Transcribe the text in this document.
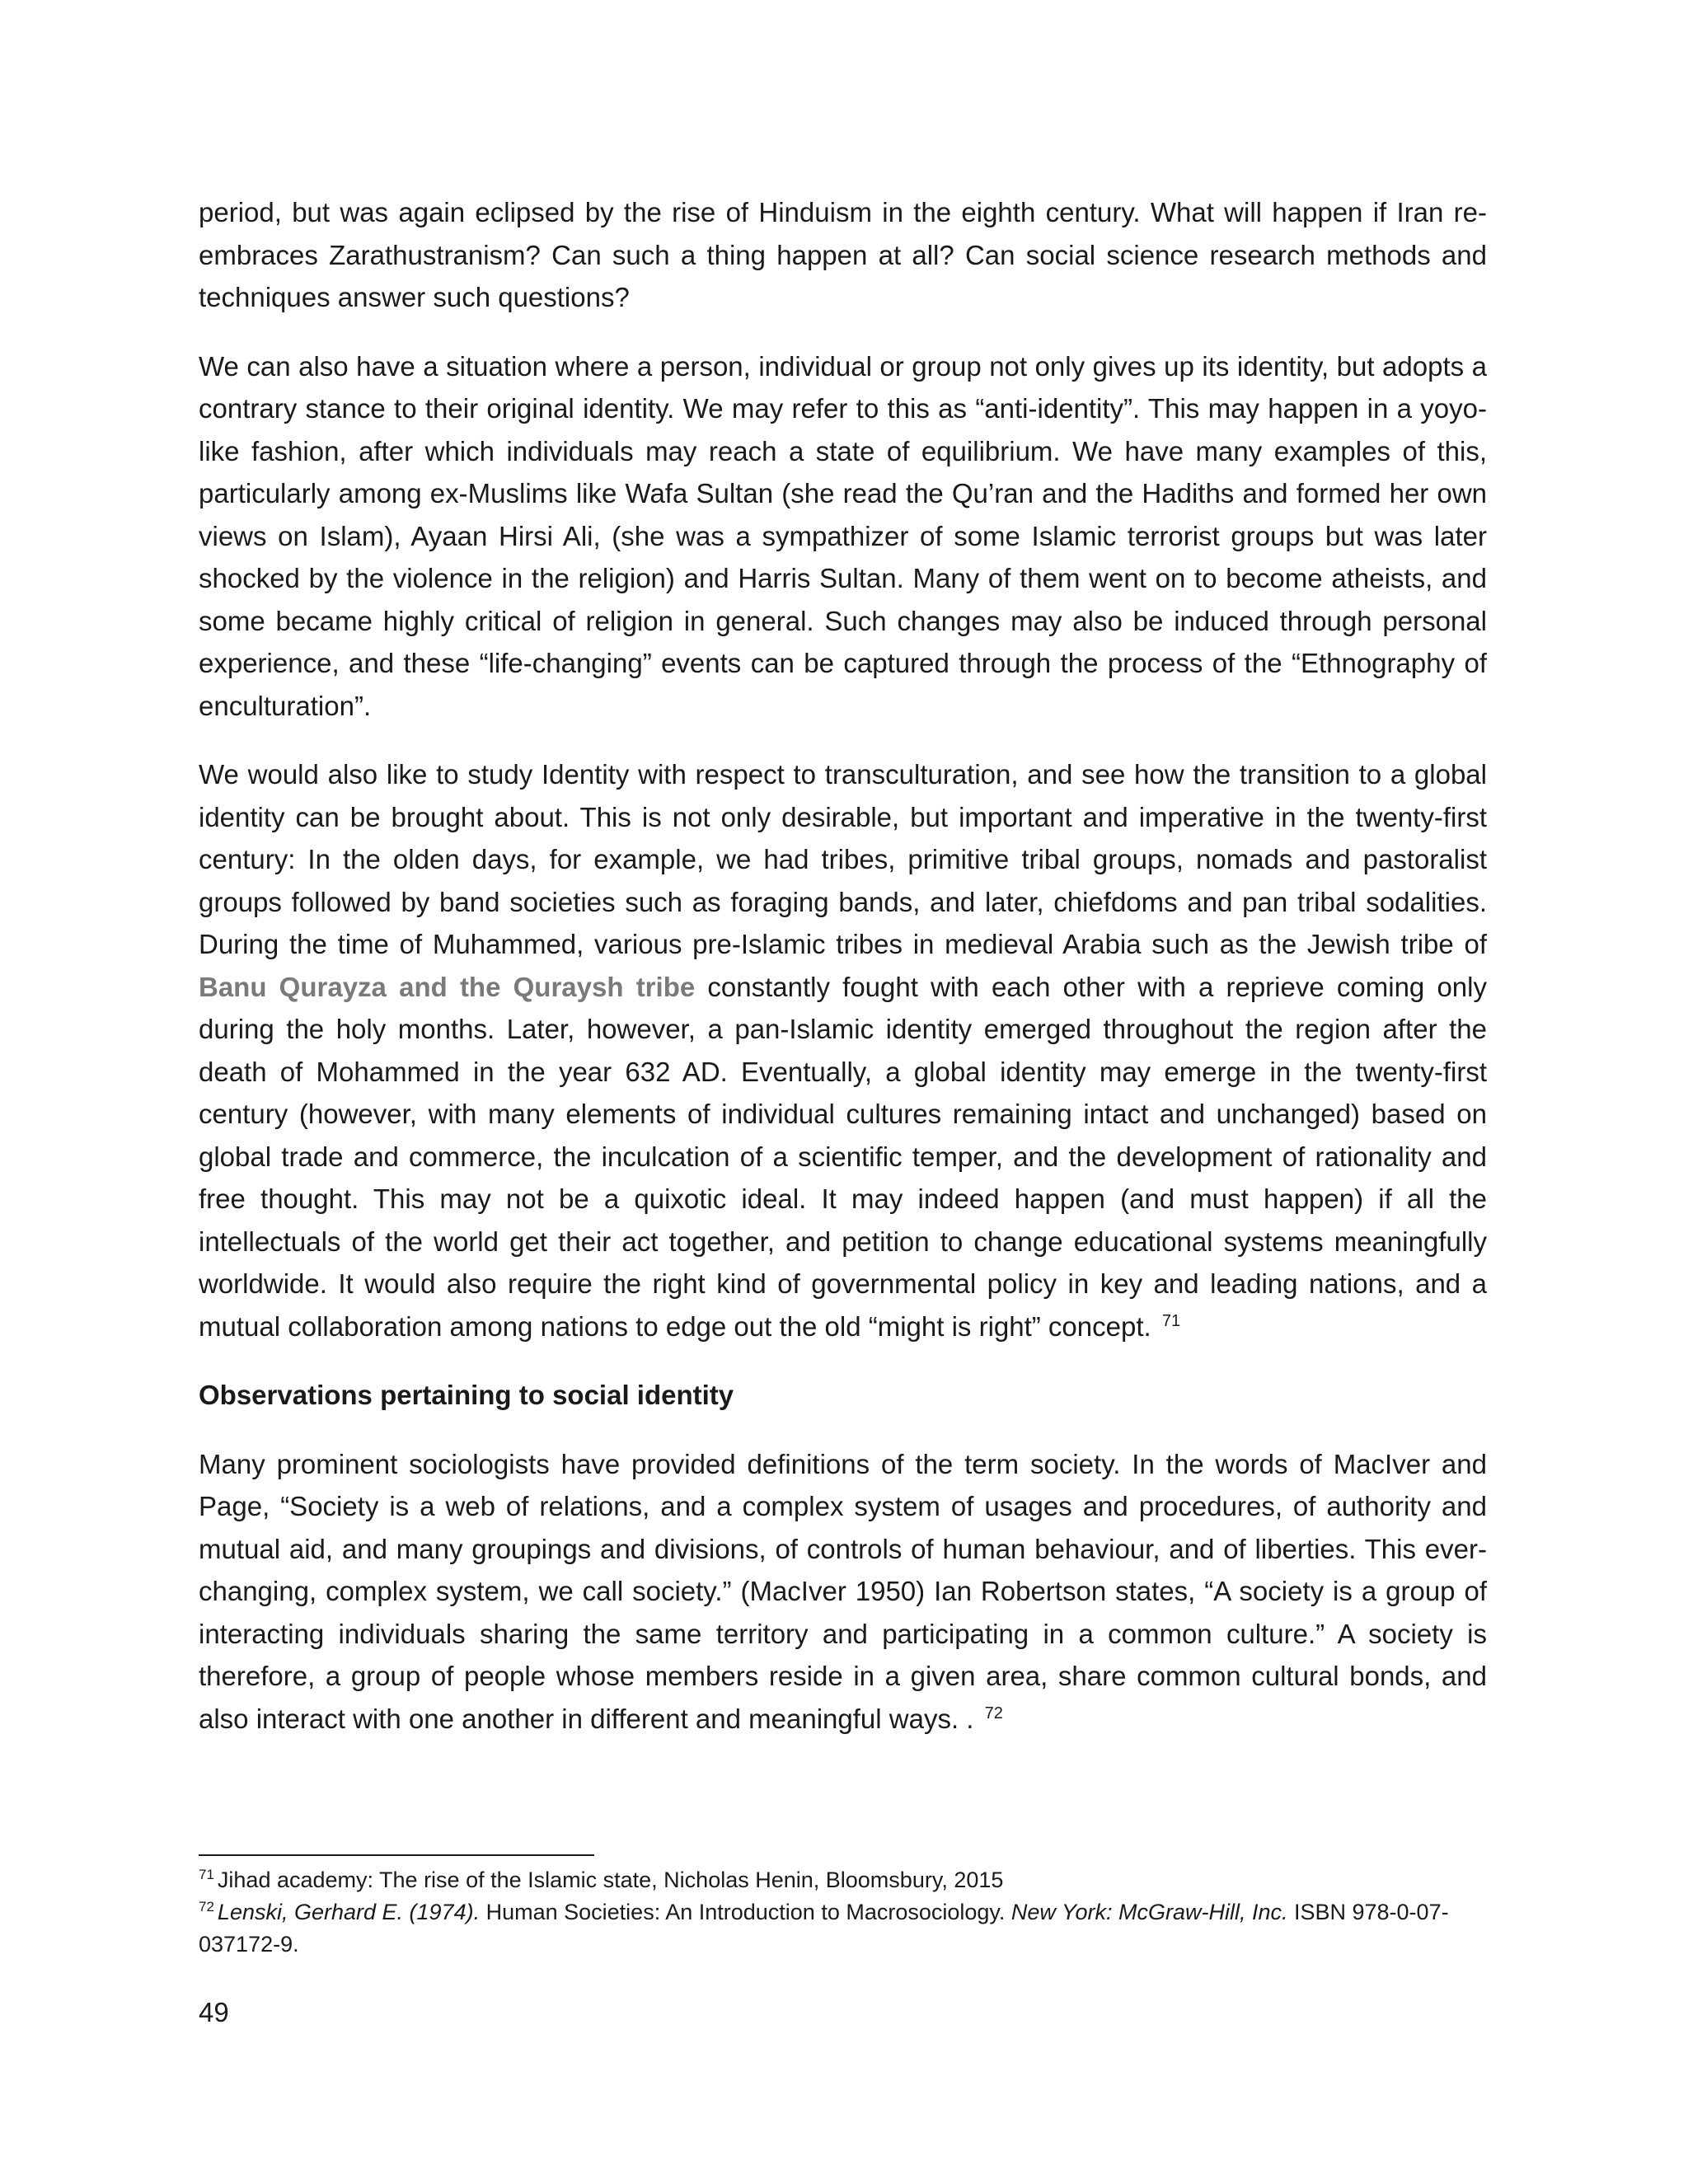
period, but was again eclipsed by the rise of Hinduism in the eighth century. What will happen if Iran re-embraces Zarathustranism? Can such a thing happen at all? Can social science research methods and techniques answer such questions?

We can also have a situation where a person, individual or group not only gives up its identity, but adopts a contrary stance to their original identity. We may refer to this as “anti-identity”. This may happen in a yoyo-like fashion, after which individuals may reach a state of equilibrium. We have many examples of this, particularly among ex-Muslims like Wafa Sultan (she read the Qu’ran and the Hadiths and formed her own views on Islam), Ayaan Hirsi Ali, (she was a sympathizer of some Islamic terrorist groups but was later shocked by the violence in the religion) and Harris Sultan. Many of them went on to become atheists, and some became highly critical of religion in general. Such changes may also be induced through personal experience, and these “life-changing” events can be captured through the process of the “Ethnography of enculturation”.

We would also like to study Identity with respect to transculturation, and see how the transition to a global identity can be brought about. This is not only desirable, but important and imperative in the twenty-first century: In the olden days, for example, we had tribes, primitive tribal groups, nomads and pastoralist groups followed by band societies such as foraging bands, and later, chiefdoms and pan tribal sodalities. During the time of Muhammed, various pre-Islamic tribes in medieval Arabia such as the Jewish tribe of Banu Qurayza and the Quraysh tribe constantly fought with each other with a reprieve coming only during the holy months. Later, however, a pan-Islamic identity emerged throughout the region after the death of Mohammed in the year 632 AD. Eventually, a global identity may emerge in the twenty-first century (however, with many elements of individual cultures remaining intact and unchanged) based on global trade and commerce, the inculcation of a scientific temper, and the development of rationality and free thought. This may not be a quixotic ideal. It may indeed happen (and must happen) if all the intellectuals of the world get their act together, and petition to change educational systems meaningfully worldwide. It would also require the right kind of governmental policy in key and leading nations, and a mutual collaboration among nations to edge out the old “might is right” concept. $^{71}$

Observations pertaining to social identity

Many prominent sociologists have provided definitions of the term society. In the words of MacIver and Page, “Society is a web of relations, and a complex system of usages and procedures, of authority and mutual aid, and many groupings and divisions, of controls of human behaviour, and of liberties. This ever-changing, complex system, we call society.” (MacIver 1950) Ian Robertson states, “A society is a group of interacting individuals sharing the same territory and participating in a common culture.” A society is therefore, a group of people whose members reside in a given area, share common cultural bonds, and also interact with one another in different and meaningful ways. . $^{72}$

$^{71}$ Jihad academy: The rise of the Islamic state, Nicholas Henin, Bloomsbury, 2015

$^{72}$ Lenski, Gerhard E. (1974). Human Societies: An Introduction to Macrosociology. New York: McGraw-Hill, Inc. ISBN 978-0-07-037172-9.

49
